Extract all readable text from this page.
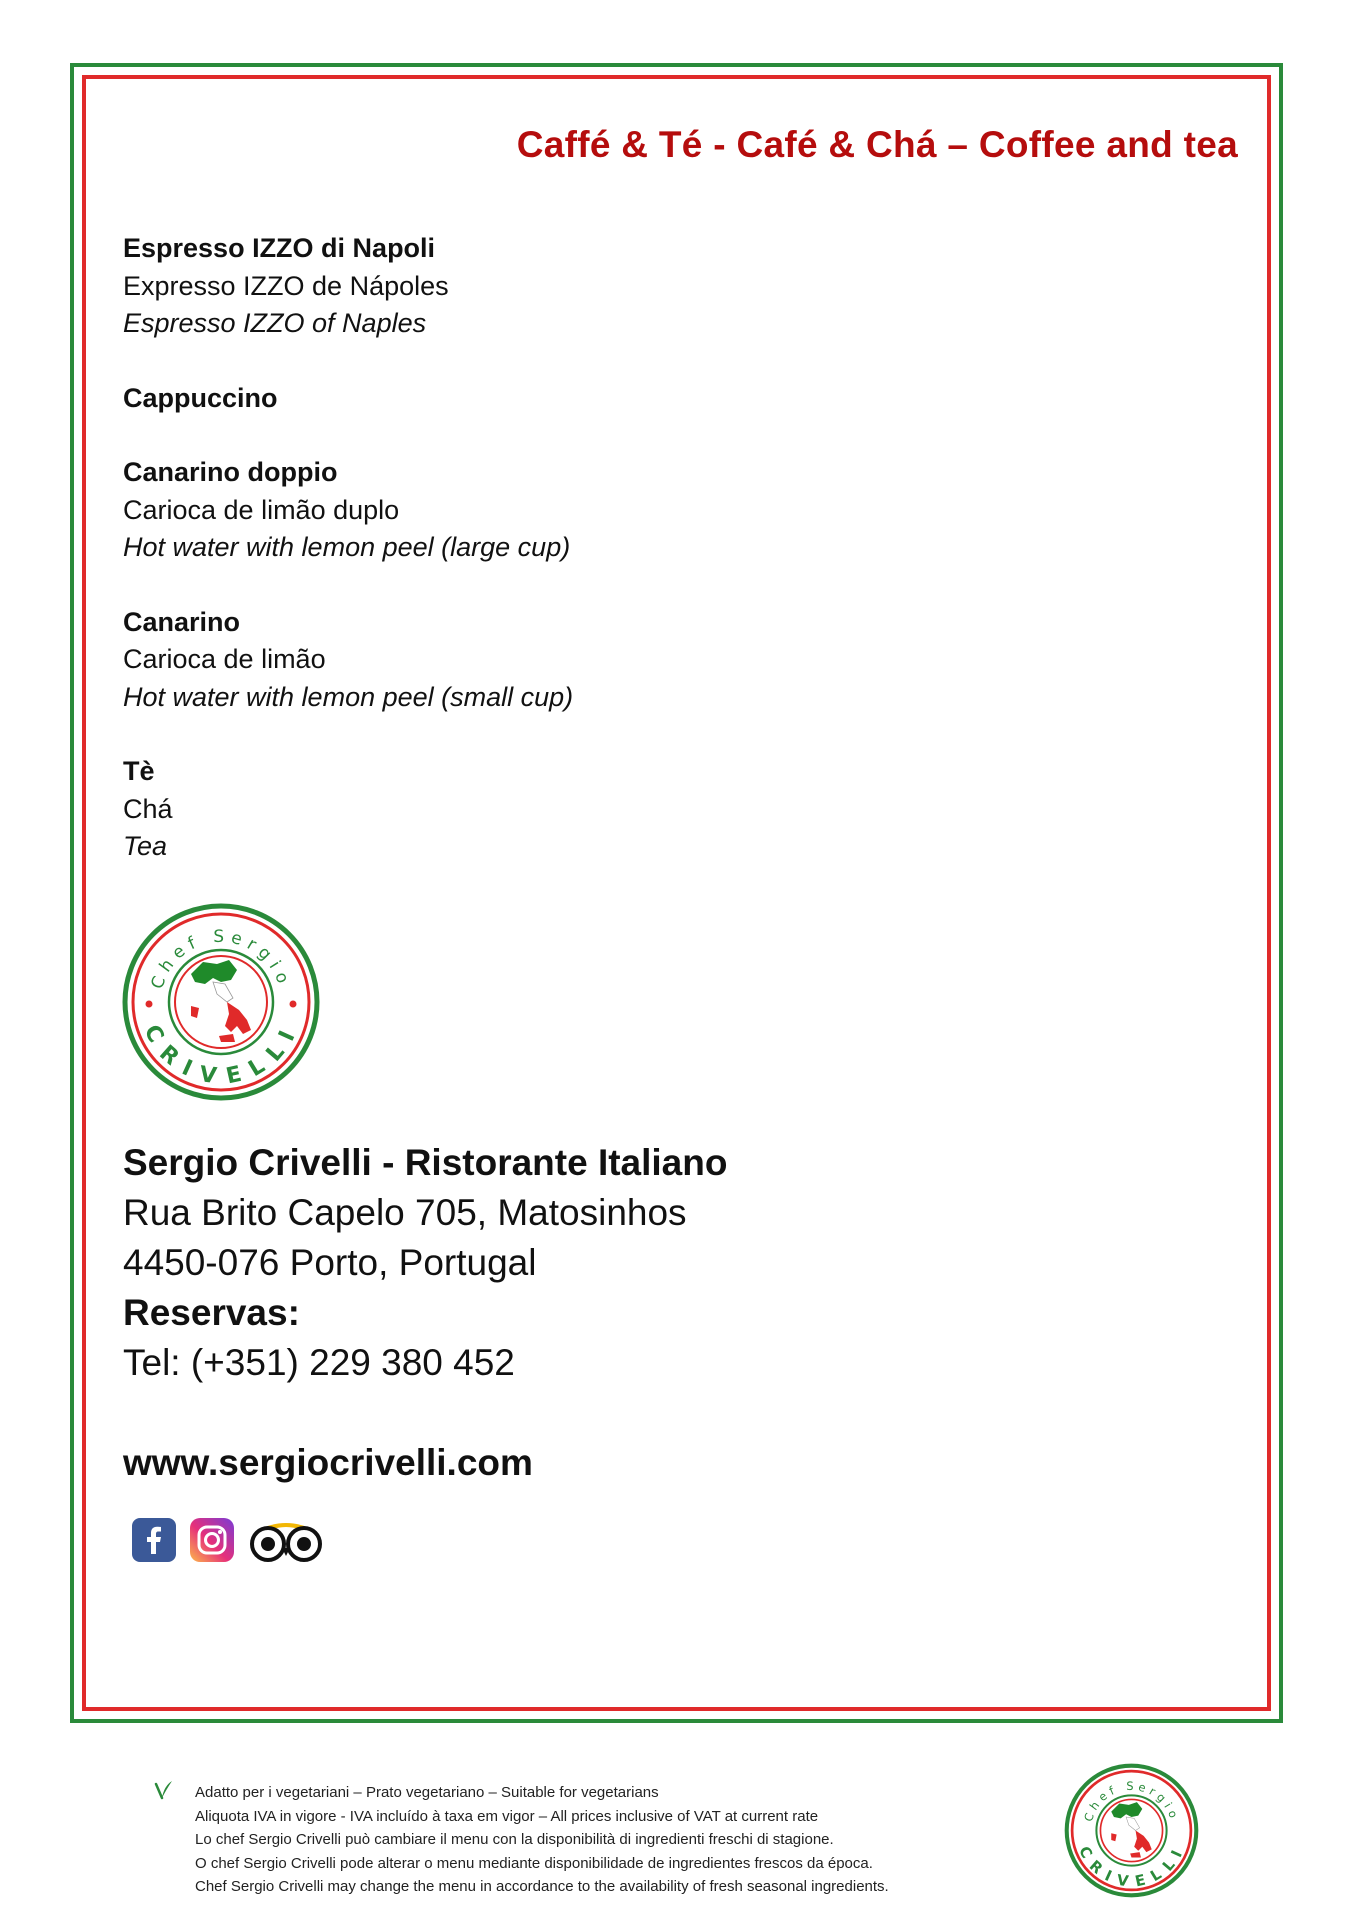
Caffé & Té - Café & Chá – Coffee and tea

Espresso IZZO di Napoli

Expresso IZZO de Nápoles

Espresso IZZO of Naples

Cappuccino

Canarino doppio

Carioca de limão duplo

Hot water with lemon peel (large cup)

Canarino

Carioca de limão

Hot water with lemon peel (small cup)

Tè

Chá

Tea

Chef Sergio
CRIVELLI

Sergio Crivelli - Ristorante Italiano

Rua Brito Capelo 705, Matosinhos

4450-076 Porto, Portugal

Reservas:

Tel: (+351) 229 380 452

www.sergiocrivelli.com

Adatto per i vegetariani – Prato vegetariano – Suitable for vegetarians

Aliquota IVA in vigore - IVA incluído à taxa em vigor – All prices inclusive of VAT at current rate

Lo chef Sergio Crivelli può cambiare il menu con la disponibilità di ingredienti freschi di stagione.

O chef Sergio Crivelli pode alterar o menu mediante disponibilidade de ingredientes frescos da época.

Chef Sergio Crivelli may change the menu in accordance to the availability of fresh seasonal ingredients.

Chef Sergio
CRIVELLI
